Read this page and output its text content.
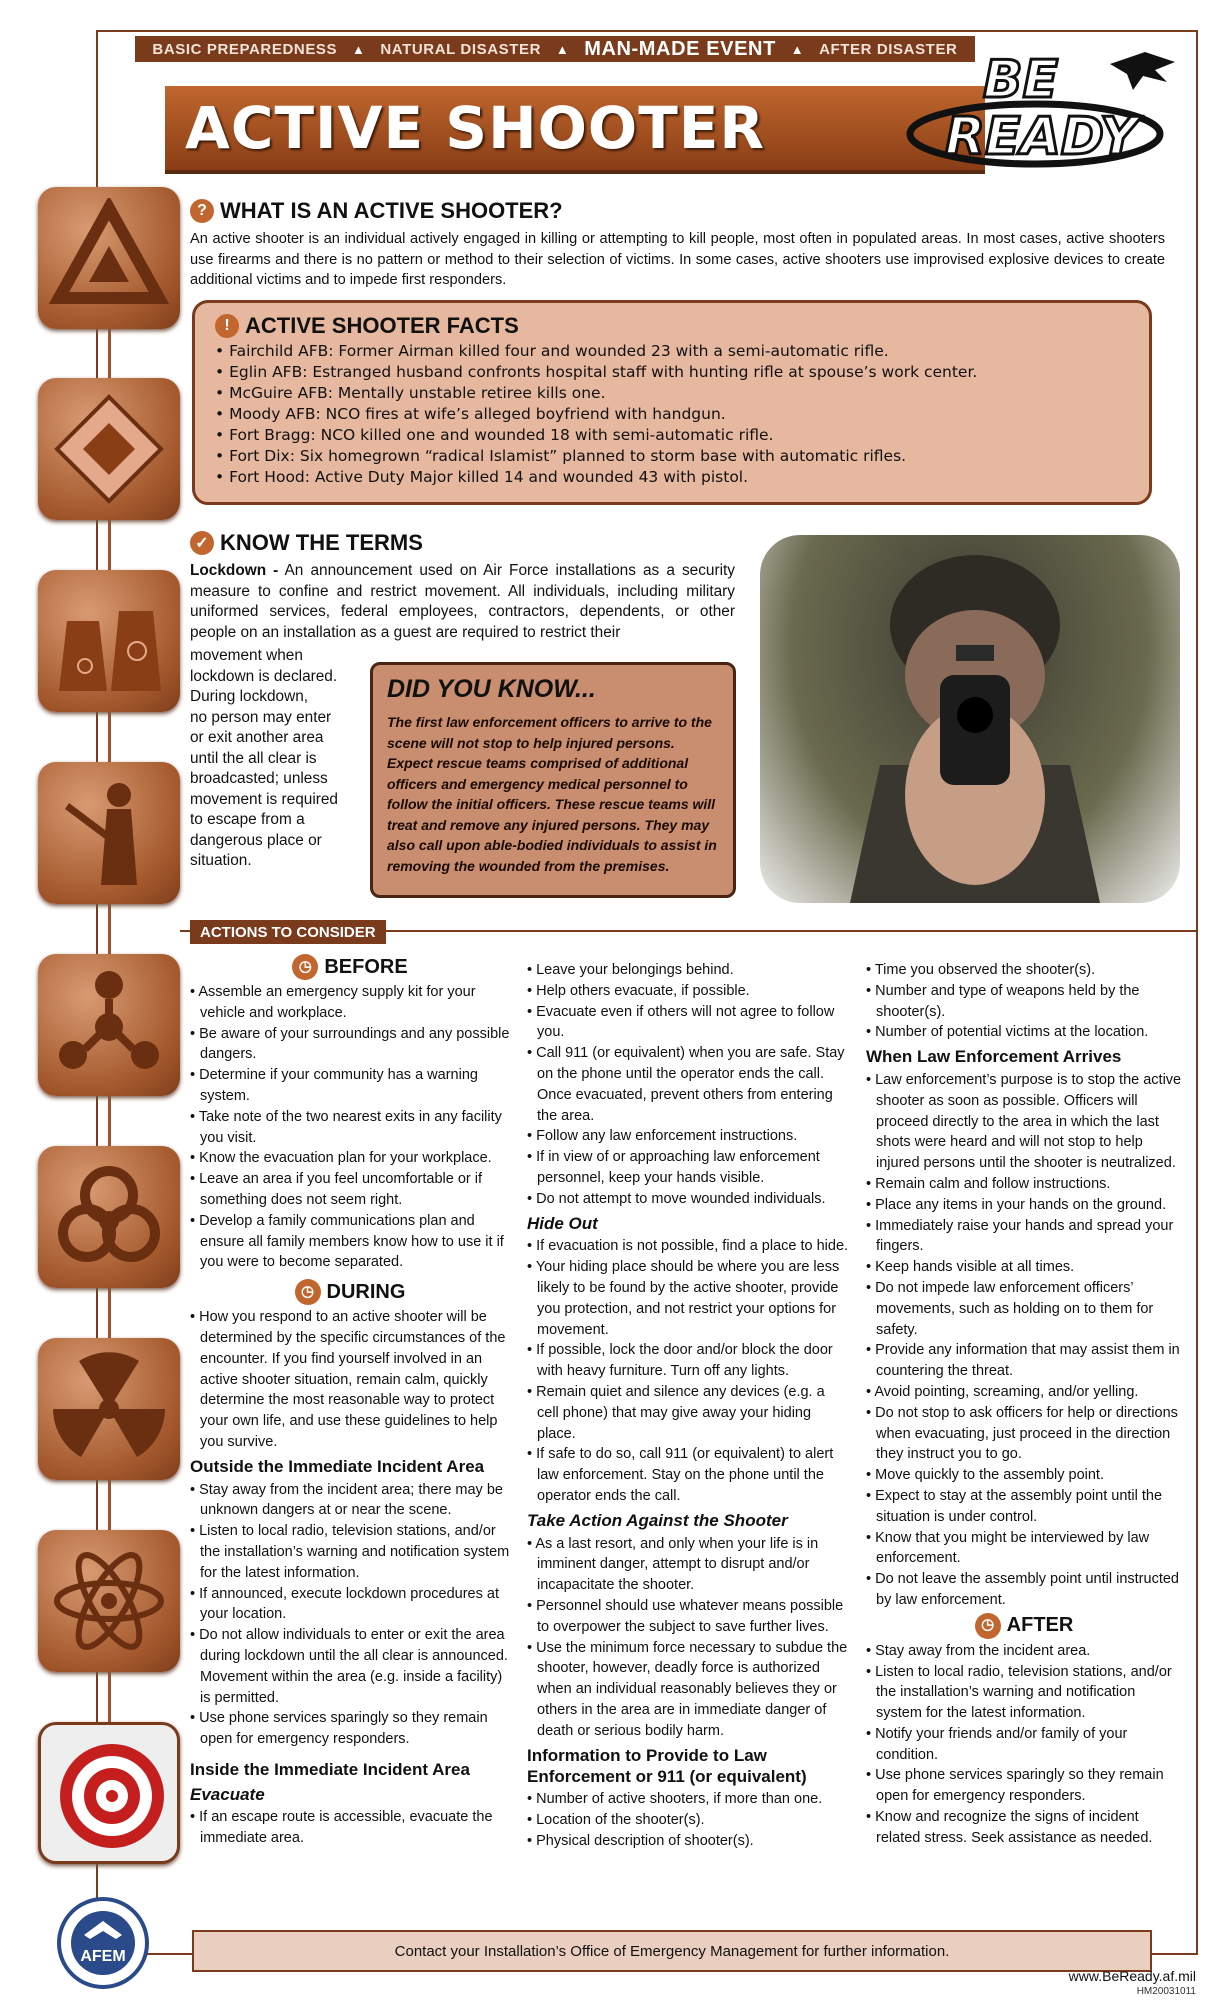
BASIC PREPAREDNESS ▲ NATURAL DISASTER ▲ MAN-MADE EVENT ▲ AFTER DISASTER
ACTIVE SHOOTER
BE
READY
? WHAT IS AN ACTIVE SHOOTER?
An active shooter is an individual actively engaged in killing or attempting to kill people, most often in populated areas. In most cases, active shooters use firearms and there is no pattern or method to their selection of victims. In some cases, active shooters use improvised explosive devices to create additional victims and to impede first responders.
! ACTIVE SHOOTER FACTS
• Fairchild AFB: Former Airman killed four and wounded 23 with a semi-automatic rifle.
• Eglin AFB: Estranged husband confronts hospital staff with hunting rifle at spouse’s work center.
• McGuire AFB: Mentally unstable retiree kills one.
• Moody AFB: NCO fires at wife’s alleged boyfriend with handgun.
• Fort Bragg: NCO killed one and wounded 18 with semi-automatic rifle.
• Fort Dix: Six homegrown “radical Islamist” planned to storm base with automatic rifles.
• Fort Hood: Active Duty Major killed 14 and wounded 43 with pistol.
✓ KNOW THE TERMS
Lockdown - An announcement used on Air Force installations as a security measure to confine and restrict movement. All individuals, including military uniformed services, federal employees, contractors, dependents, or other people on an installation as a guest are required to restrict their
movement when
lockdown is declared.
During lockdown,
no person may enter
or exit another area
until the all clear is
broadcasted; unless
movement is required
to escape from a
dangerous place or
situation.
DID YOU KNOW...

The first law enforcement officers to arrive to the scene will not stop to help injured persons. Expect rescue teams comprised of additional officers and emergency medical personnel to follow the initial officers. These rescue teams will treat and remove any injured persons. They may also call upon able-bodied individuals to assist in removing the wounded from the premises.

ACTIONS TO CONSIDER
◷ BEFORE
• Assemble an emergency supply kit for your vehicle and workplace.
• Be aware of your surroundings and any possible dangers.
• Determine if your community has a warning system.
• Take note of the two nearest exits in any facility you visit.
• Know the evacuation plan for your workplace.
• Leave an area if you feel uncomfortable or if something does not seem right.
• Develop a family communications plan and ensure all family members know how to use it if you were to become separated.
◷ DURING
• How you respond to an active shooter will be determined by the specific circumstances of the encounter. If you find yourself involved in an active shooter situation, remain calm, quickly determine the most reasonable way to protect your own life, and use these guidelines to help you survive.
Outside the Immediate Incident Area
• Stay away from the incident area; there may be unknown dangers at or near the scene.
• Listen to local radio, television stations, and/or the installation’s warning and notification system for the latest information.
• If announced, execute lockdown procedures at your location.
• Do not allow individuals to enter or exit the area during lockdown until the all clear is announced. Movement within the area (e.g. inside a facility) is permitted.
• Use phone services sparingly so they remain open for emergency responders.
Inside the Immediate Incident Area
Evacuate
• If an escape route is accessible, evacuate the immediate area.
• Leave your belongings behind.
• Help others evacuate, if possible.
• Evacuate even if others will not agree to follow you.
• Call 911 (or equivalent) when you are safe. Stay on the phone until the operator ends the call. Once evacuated, prevent others from entering the area.
• Follow any law enforcement instructions.
• If in view of or approaching law enforcement personnel, keep your hands visible.
• Do not attempt to move wounded individuals.
Hide Out
• If evacuation is not possible, find a place to hide.
• Your hiding place should be where you are less likely to be found by the active shooter, provide you protection, and not restrict your options for movement.
• If possible, lock the door and/or block the door with heavy furniture. Turn off any lights.
• Remain quiet and silence any devices (e.g. a cell phone) that may give away your hiding place.
• If safe to do so, call 911 (or equivalent) to alert law enforcement. Stay on the phone until the operator ends the call.
Take Action Against the Shooter
• As a last resort, and only when your life is in imminent danger, attempt to disrupt and/or incapacitate the shooter.
• Personnel should use whatever means possible to overpower the subject to save further lives.
• Use the minimum force necessary to subdue the shooter, however, deadly force is authorized when an individual reasonably believes they or others in the area are in immediate danger of death or serious bodily harm.
Information to Provide to Law Enforcement or 911 (or equivalent)
• Number of active shooters, if more than one.
• Location of the shooter(s).
• Physical description of shooter(s).
• Time you observed the shooter(s).
• Number and type of weapons held by the shooter(s).
• Number of potential victims at the location.
When Law Enforcement Arrives
• Law enforcement’s purpose is to stop the active shooter as soon as possible. Officers will proceed directly to the area in which the last shots were heard and will not stop to help injured persons until the shooter is neutralized.
• Remain calm and follow instructions.
• Place any items in your hands on the ground.
• Immediately raise your hands and spread your fingers.
• Keep hands visible at all times.
• Do not impede law enforcement officers’ movements, such as holding on to them for safety.
• Provide any information that may assist them in countering the threat.
• Avoid pointing, screaming, and/or yelling.
• Do not stop to ask officers for help or directions when evacuating, just proceed in the direction they instruct you to go.
• Move quickly to the assembly point.
• Expect to stay at the assembly point until the situation is under control.
• Know that you might be interviewed by law enforcement.
• Do not leave the assembly point until instructed by law enforcement.
◷ AFTER
• Stay away from the incident area.
• Listen to local radio, television stations, and/or the installation’s warning and notification system for the latest information.
• Notify your friends and/or family of your condition.
• Use phone services sparingly so they remain open for emergency responders.
• Know and recognize the signs of incident related stress. Seek assistance as needed.
AFEM	Contact your Installation’s Office of Emergency Management for further information.
www.BeReady.af.mil
HM20031011
